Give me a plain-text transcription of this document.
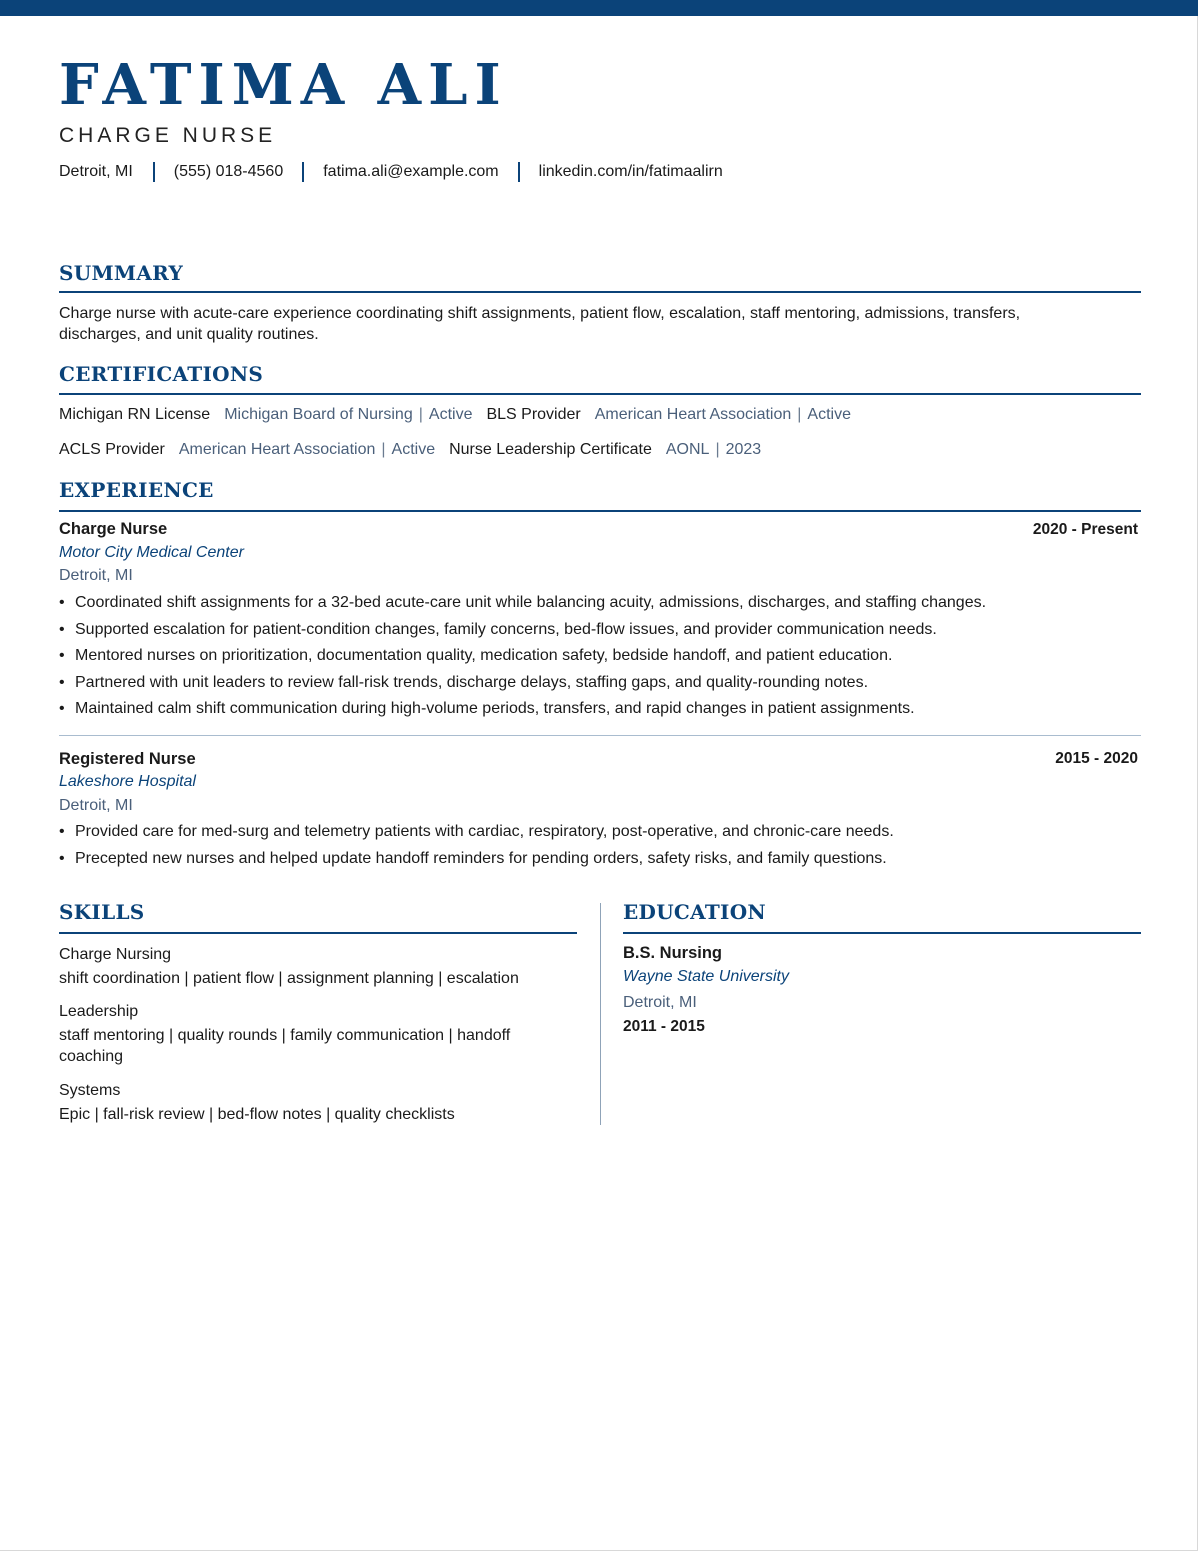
FATIMA ALI
CHARGE NURSE
Detroit, MI	(555) 018-4560	fatima.ali@example.com	linkedin.com/in/fatimaalirn
SUMMARY
Charge nurse with acute-care experience coordinating shift assignments, patient flow, escalation, staff mentoring, admissions, transfers, discharges, and unit quality routines.
CERTIFICATIONS
Michigan RN License Michigan Board of Nursing | Active BLS Provider American Heart Association | Active
ACLS Provider American Heart Association | Active Nurse Leadership Certificate AONL | 2023
EXPERIENCE
Charge Nurse	2020 - Present
Motor City Medical Center
Detroit, MI
• Coordinated shift assignments for a 32-bed acute-care unit while balancing acuity, admissions, discharges, and staffing changes.
• Supported escalation for patient-condition changes, family concerns, bed-flow issues, and provider communication needs.
• Mentored nurses on prioritization, documentation quality, medication safety, bedside handoff, and patient education.
• Partnered with unit leaders to review fall-risk trends, discharge delays, staffing gaps, and quality-rounding notes.
• Maintained calm shift communication during high-volume periods, transfers, and rapid changes in patient assignments.
Registered Nurse	2015 - 2020
Lakeshore Hospital
Detroit, MI
• Provided care for med-surg and telemetry patients with cardiac, respiratory, post-operative, and chronic-care needs.
• Precepted new nurses and helped update handoff reminders for pending orders, safety risks, and family questions.
SKILLS
Charge Nursing
shift coordination | patient flow | assignment planning | escalation
Leadership
staff mentoring | quality rounds | family communication | handoff coaching
Systems
Epic | fall-risk review | bed-flow notes | quality checklists
EDUCATION
B.S. Nursing
Wayne State University
Detroit, MI
2011 - 2015
